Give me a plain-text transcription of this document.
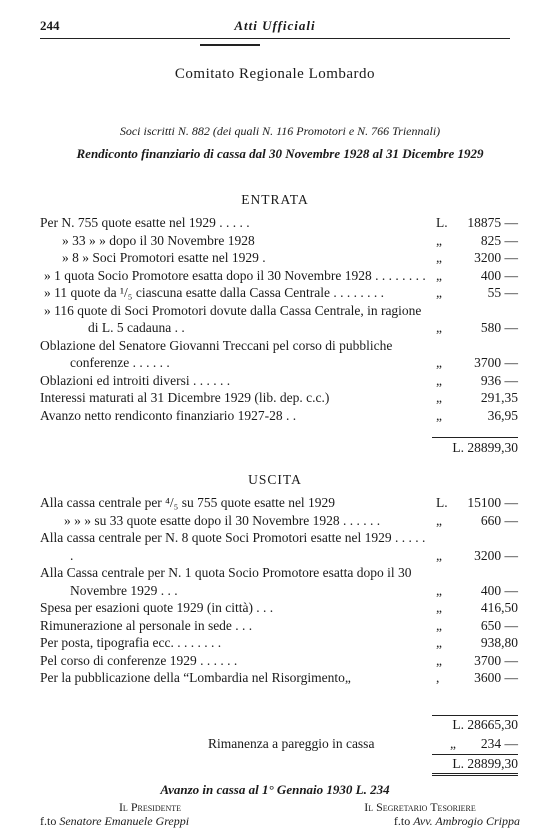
244	Atti Ufficiali
Comitato Regionale Lombardo
Soci iscritti N. 882 (dei quali N. 116 Promotori e N. 766 Triennali)
Rendiconto finanziario di cassa dal 30 Novembre 1928 al 31 Dicembre 1929
ENTRATA
Per N. 755 quote esatte nel 1929 . . . . .	L.	18875 —
» 33 » » dopo il 30 Novembre 1928	„	825 —
» 8 » Soci Promotori esatte nel 1929 .	„	3200 —
» 1 quota Socio Promotore esatta dopo il 30 Novembre 1928 . . . . . . . . „	400 —
» 11 quote da ¹/₅ ciascuna esatte dalla Cassa Centrale . . . . . . . .	„	55 —
» 116 quote di Soci Promotori dovute dalla Cassa Centrale, in ragione di L. 5 cadauna . .	„	580 —
Oblazione del Senatore Giovanni Treccani pel corso di pubbliche conferenze . . . . . .	„	3700 —
Oblazioni ed introiti diversi . . . . . .	„	936 —
Interessi maturati al 31 Dicembre 1929 (lib. dep. c.c.)	„	291,35
Avanzo netto rendiconto finanziario 1927-28 . .	„	36,95
L. 28899,30
USCITA
Alla cassa centrale per ⁴/₅ su 755 quote esatte nel 1929	L.	15100 —
» » » su 33 quote esatte dopo il 30 Novembre 1928 . . . . . .	„	660 —
Alla cassa centrale per N. 8 quote Soci Promotori esatte nel 1929 . . . . . .	„	3200 —
Alla Cassa centrale per N. 1 quota Socio Promotore esatta dopo il 30 Novembre 1929 . . .	„	400 —
Spesa per esazioni quote 1929 (in città) . . .	„	416,50
Rimunerazione al personale in sede . . .	„	650 —
Per posta, tipografia ecc. . . . . . . .	„	938,80
Pel corso di conferenze 1929 . . . . . .	„	3700 —
Per la pubblicazione della “Lombardia nel Risorgimento„	,	3600 —
L. 28665,30
Rimanenza a pareggio in cassa	„ 234 —
L. 28899,30
Avanzo in cassa al 1° Gennaio 1930 L. 234
Il Presidente	Il Segretario Tesoriere
f.to Senatore Emanuele Greppi	f.to Avv. Ambrogio Crippa
